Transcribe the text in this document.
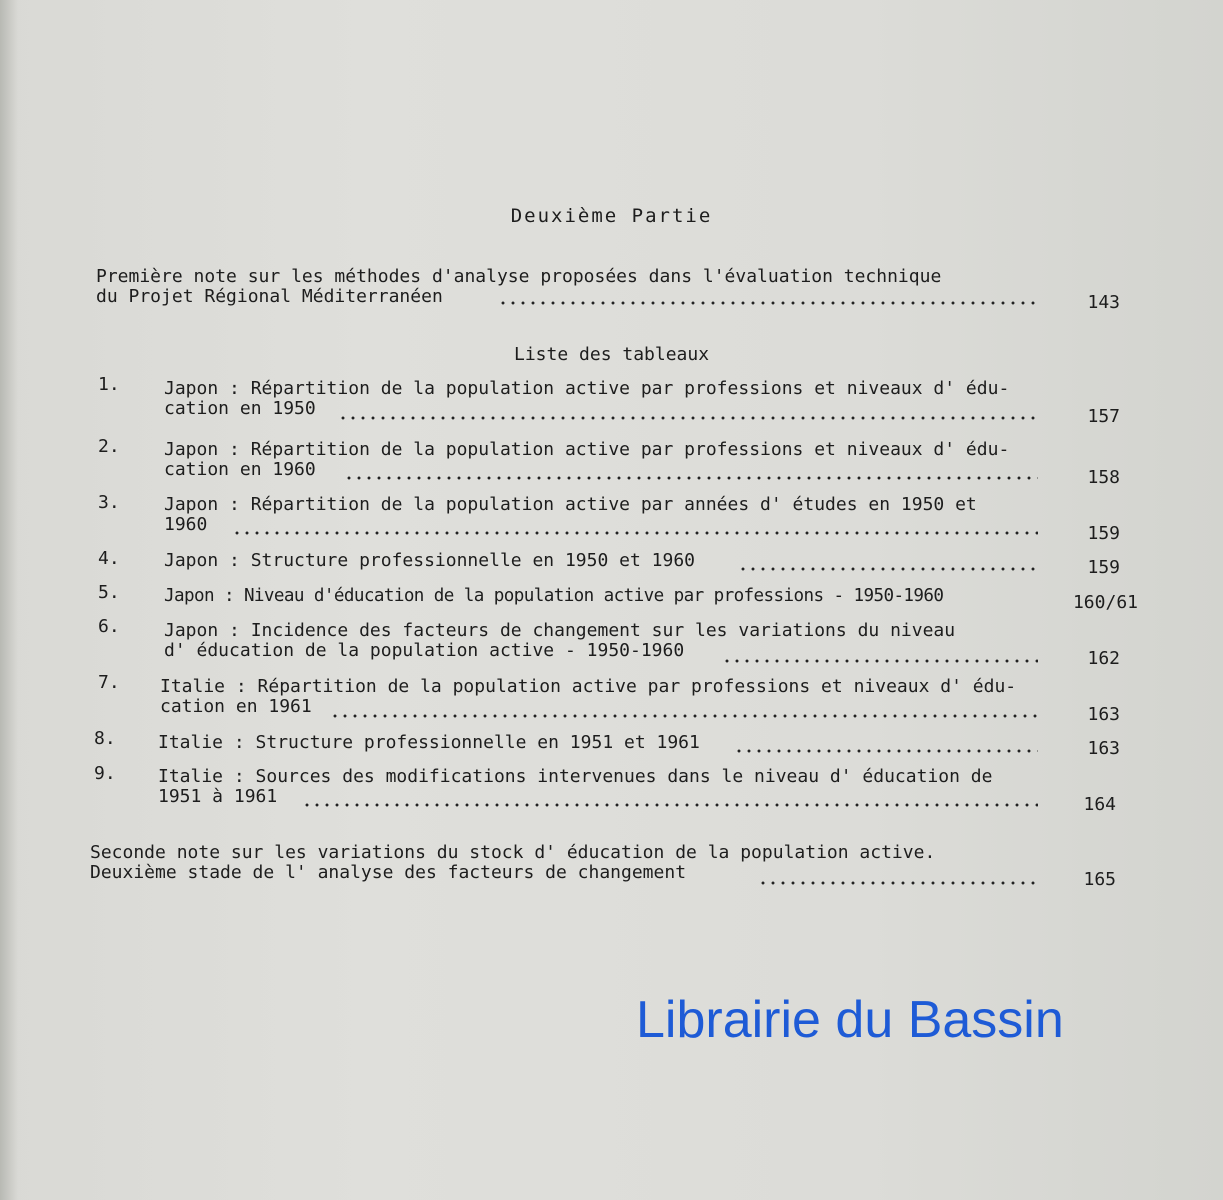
Deuxième Partie
Première note sur les méthodes d'analyse proposées dans l'évaluation technique
du Projet Régional Méditerranéen	143
Liste des tableaux
1. Japon : Répartition de la population active par professions et niveaux d' édu-
cation en 1950	157
2. Japon : Répartition de la population active par professions et niveaux d' édu-
cation en 1960	158
3. Japon : Répartition de la population active par années d' études en 1950 et
1960	159
4. Japon : Structure professionnelle en 1950 et 1960	159
5.	Japon : Niveau d'éducation de la population active par professions - 1950-1960	160/61
6. Japon : Incidence des facteurs de changement sur les variations du niveau
d' éducation de la population active - 1950-1960	162
7. Italie : Répartition de la population active par professions et niveaux d' édu-
cation en 1961	163
8. Italie : Structure professionnelle en 1951 et 1961	163
9. Italie : Sources des modifications intervenues dans le niveau d' éducation de
1951 à 1961	164
Seconde note sur les variations du stock d' éducation de la population active.
Deuxième stade de l' analyse des facteurs de changement	165

Librairie du Bassin
